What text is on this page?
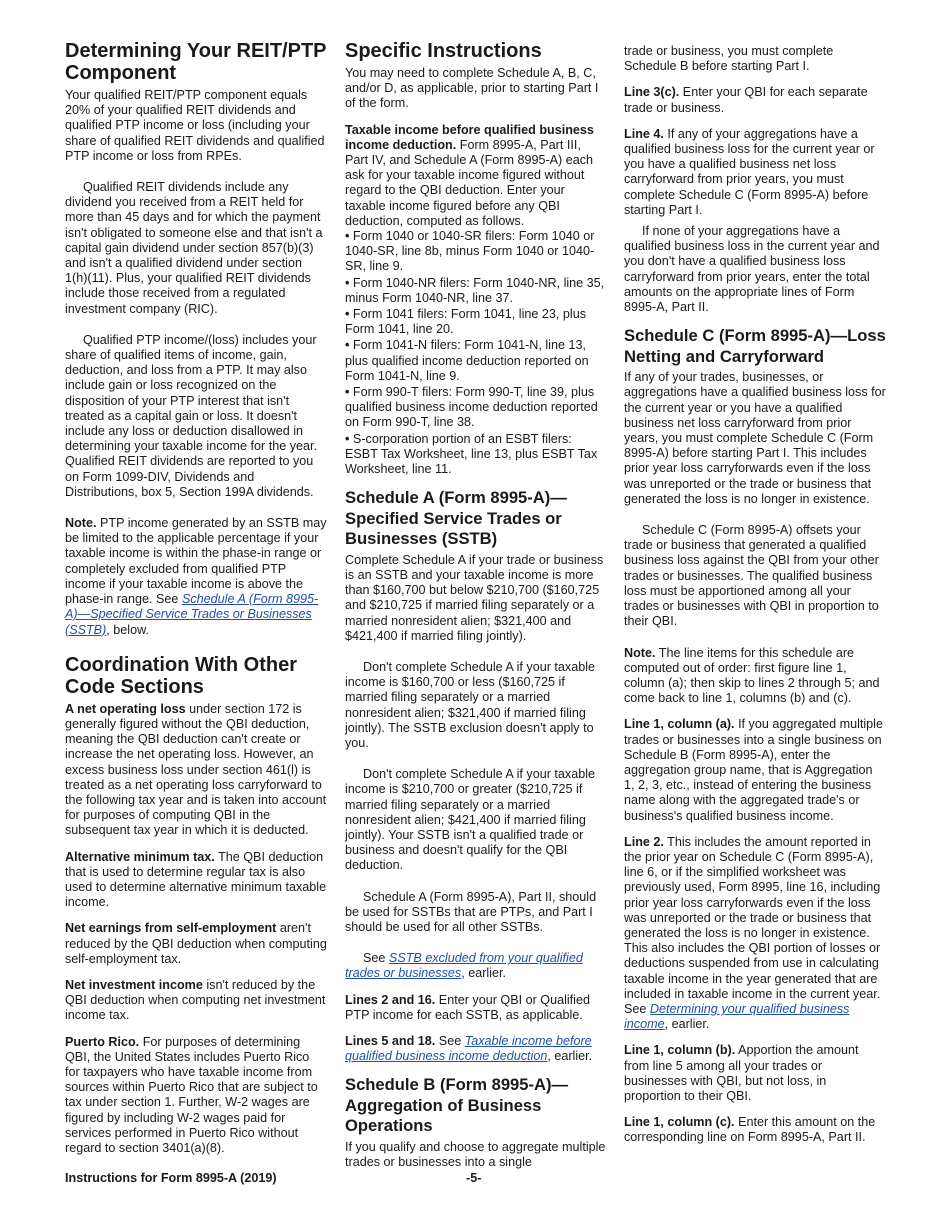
Determining Your REIT/PTP Component

Your qualified REIT/PTP component equals 20% of your qualified REIT dividends and qualified PTP income or loss (including your share of qualified REIT dividends and qualified PTP income or loss from RPEs.

Qualified REIT dividends include any dividend you received from a REIT held for more than 45 days and for which the payment isn't obligated to someone else and that isn't a capital gain dividend under section 857(b)(3) and isn't a qualified dividend under section 1(h)(11). Plus, your qualified REIT dividends include those received from a regulated investment company (RIC).

Qualified PTP income/(loss) includes your share of qualified items of income, gain, deduction, and loss from a PTP. It may also include gain or loss recognized on the disposition of your PTP interest that isn't treated as a capital gain or loss. It doesn't include any loss or deduction disallowed in determining your taxable income for the year. Qualified REIT dividends are reported to you on Form 1099-DIV, Dividends and Distributions, box 5, Section 199A dividends.

Note. PTP income generated by an SSTB may be limited to the applicable percentage if your taxable income is within the phase-in range or completely excluded from qualified PTP income if your taxable income is above the phase-in range. See Schedule A (Form 8995-A)—Specified Service Trades or Businesses (SSTB), below.

Coordination With Other Code Sections

A net operating loss under section 172 is generally figured without the QBI deduction, meaning the QBI deduction can't create or increase the net operating loss. However, an excess business loss under section 461(l) is treated as a net operating loss carryforward to the following tax year and is taken into account for purposes of computing QBI in the subsequent tax year in which it is deducted.

Alternative minimum tax. The QBI deduction that is used to determine regular tax is also used to determine alternative minimum taxable income.

Net earnings from self-employment aren't reduced by the QBI deduction when computing self-employment tax.

Net investment income isn't reduced by the QBI deduction when computing net investment income tax.

Puerto Rico. For purposes of determining QBI, the United States includes Puerto Rico for taxpayers who have taxable income from sources within Puerto Rico that are subject to tax under section 1. Further, W-2 wages are figured by including W-2 wages paid for services performed in Puerto Rico without regard to section 3401(a)(8).

Specific Instructions

You may need to complete Schedule A, B, C, and/or D, as applicable, prior to starting Part I of the form.

Taxable income before qualified business income deduction. Form 8995-A, Part III, Part IV, and Schedule A (Form 8995-A) each ask for your taxable income figured without regard to the QBI deduction. Enter your taxable income figured before any QBI deduction, computed as follows.

• Form 1040 or 1040-SR filers: Form 1040 or 1040-SR, line 8b, minus Form 1040 or 1040-SR, line 9.

• Form 1040-NR filers: Form 1040-NR, line 35, minus Form 1040-NR, line 37.

• Form 1041 filers: Form 1041, line 23, plus Form 1041, line 20.

• Form 1041-N filers: Form 1041-N, line 13, plus qualified income deduction reported on Form 1041-N, line 9.

• Form 990-T filers: Form 990-T, line 39, plus qualified business income deduction reported on Form 990-T, line 38.

• S-corporation portion of an ESBT filers: ESBT Tax Worksheet, line 13, plus ESBT Tax Worksheet, line 11.

Schedule A (Form 8995-A)—Specified Service Trades or Businesses (SSTB)

Complete Schedule A if your trade or business is an SSTB and your taxable income is more than $160,700 but below $210,700 ($160,725 and $210,725 if married filing separately or a married nonresident alien; $321,400 and $421,400 if married filing jointly).

Don't complete Schedule A if your taxable income is $160,700 or less ($160,725 if married filing separately or a married nonresident alien; $321,400 if married filing jointly). The SSTB exclusion doesn't apply to you.

Don't complete Schedule A if your taxable income is $210,700 or greater ($210,725 if married filing separately or a married nonresident alien; $421,400 if married filing jointly). Your SSTB isn't a qualified trade or business and doesn't qualify for the QBI deduction.

Schedule A (Form 8995-A), Part II, should be used for SSTBs that are PTPs, and Part I should be used for all other SSTBs.

See SSTB excluded from your qualified trades or businesses, earlier.

Lines 2 and 16. Enter your QBI or Qualified PTP income for each SSTB, as applicable.

Lines 5 and 18. See Taxable income before qualified business income deduction, earlier.

Schedule B (Form 8995-A)—Aggregation of Business Operations

If you qualify and choose to aggregate multiple trades or businesses into a single

trade or business, you must complete Schedule B before starting Part I.

Line 3(c). Enter your QBI for each separate trade or business.

Line 4. If any of your aggregations have a qualified business loss for the current year or you have a qualified business net loss carryforward from prior years, you must complete Schedule C (Form 8995-A) before starting Part I.

If none of your aggregations have a qualified business loss in the current year and you don't have a qualified business loss carryforward from prior years, enter the total amounts on the appropriate lines of Form 8995-A, Part II.

Schedule C (Form 8995-A)—Loss Netting and Carryforward

If any of your trades, businesses, or aggregations have a qualified business loss for the current year or you have a qualified business net loss carryforward from prior years, you must complete Schedule C (Form 8995-A) before starting Part I. This includes prior year loss carryforwards even if the loss was unreported or the trade or business that generated the loss is no longer in existence.

Schedule C (Form 8995-A) offsets your trade or business that generated a qualified business loss against the QBI from your other trades or businesses. The qualified business loss must be apportioned among all your trades or businesses with QBI in proportion to their QBI.

Note. The line items for this schedule are computed out of order: first figure line 1, column (a); then skip to lines 2 through 5; and come back to line 1, columns (b) and (c).

Line 1, column (a). If you aggregated multiple trades or businesses into a single business on Schedule B (Form 8995-A), enter the aggregation group name, that is Aggregation 1, 2, 3, etc., instead of entering the business name along with the aggregated trade's or business's qualified business income.

Line 2. This includes the amount reported in the prior year on Schedule C (Form 8995-A), line 6, or if the simplified worksheet was previously used, Form 8995, line 16, including prior year loss carryforwards even if the loss was unreported or the trade or business that generated the loss is no longer in existence. This also includes the QBI portion of losses or deductions suspended from use in calculating taxable income in the year generated that are included in taxable income in the current year. See Determining your qualified business income, earlier.

Line 1, column (b). Apportion the amount from line 5 among all your trades or businesses with QBI, but not loss, in proportion to their QBI.

Line 1, column (c). Enter this amount on the corresponding line on Form 8995-A, Part II.

Instructions for Form 8995-A (2019)	-5-
